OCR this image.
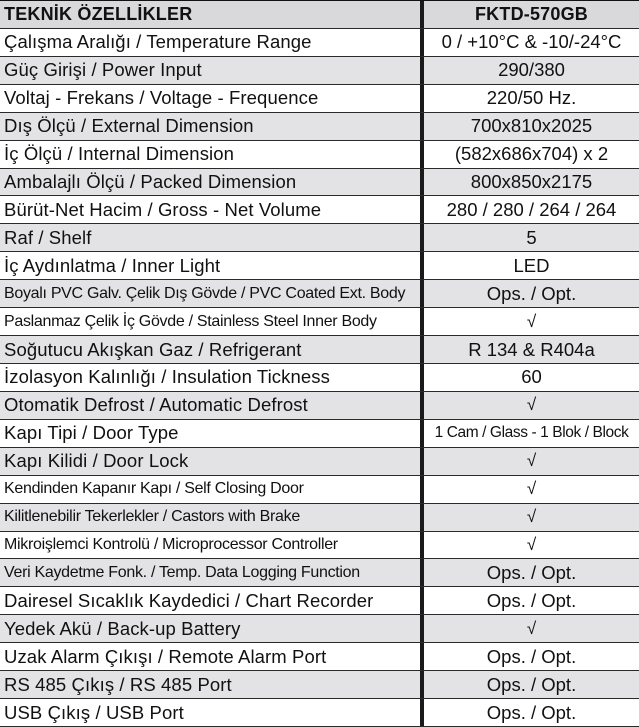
TEKNİK ÖZELLİKLER	FKTD-570GB
Çalışma Aralığı / Temperature Range	0 / +10°C & -10/-24°C
Güç Girişi / Power Input	290/380
Voltaj - Frekans / Voltage - Frequence	220/50 Hz.
Dış Ölçü / External Dimension	700x810x2025
İç Ölçü / Internal Dimension	(582x686x704) x 2
Ambalajlı Ölçü / Packed Dimension	800x850x2175
Bürüt-Net Hacim / Gross - Net Volume	280 / 280 / 264 / 264
Raf / Shelf	5
İç Aydınlatma / Inner Light	LED
Boyalı PVC Galv. Çelik Dış Gövde / PVC Coated Ext. Body	Ops. / Opt.
Paslanmaz Çelik İç Gövde / Stainless Steel Inner Body	√
Soğutucu Akışkan Gaz / Refrigerant	R 134 & R404a
İzolasyon Kalınlığı / Insulation Tickness	60
Otomatik Defrost / Automatic Defrost	√
Kapı Tipi / Door Type	1 Cam / Glass - 1 Blok / Block
Kapı Kilidi / Door Lock	√
Kendinden Kapanır Kapı / Self Closing Door	√
Kilitlenebilir Tekerlekler / Castors with Brake	√
Mikroişlemci Kontrolü / Microprocessor Controller	√
Veri Kaydetme Fonk. / Temp. Data Logging Function	Ops. / Opt.
Dairesel Sıcaklık Kaydedici / Chart Recorder	Ops. / Opt.
Yedek Akü / Back-up Battery	√
Uzak Alarm Çıkışı / Remote Alarm Port	Ops. / Opt.
RS 485 Çıkış / RS 485 Port	Ops. / Opt.
USB Çıkış / USB Port	Ops. / Opt.
